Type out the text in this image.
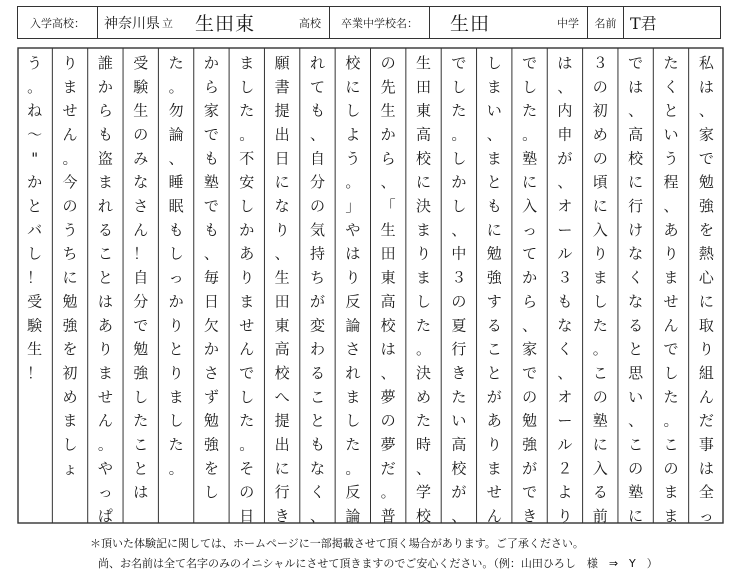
入学高校： 神奈川県 立 生田東	高校 卒業中学校名： 生田	中学 名前 T君
私
は
、
家
で
勉
強
を
熱
心
に
取
り
組
ん
だ
事
は
全
っ
た
く
と
い
う
程
、
あ
り
ま
せ
ん
で
し
た
。
こ
の
ま
ま
で
は
、
高
校
に
行
け
な
く
な
る
と
思
い
、
こ
の
塾
に
３
の
初
め
の
頃
に
入
り
ま
し
た
。
こ
の
塾
に
入
る
前
は
、
内
申
が
、
オ
ー
ル
３
も
な
く
、
オ
ー
ル
２
よ
り
で
し
た
。
塾
に
入
っ
て
か
ら
、
家
で
の
勉
強
が
で
き
し
ま
い
、
ま
と
も
に
勉
強
す
る
こ
と
が
あ
り
ま
せ
ん
で
し
た
。
し
か
し
、
中
３
の
夏
行
き
た
い
高
校
が
、
生
田
東
高
校
に
決
ま
り
ま
し
た
。
決
め
た
時
、
学
校
の
先
生
か
ら
、
「
生
田
東
高
校
は
、
夢
の
夢
だ
。
普
校
に
し
よ
う
。
」
や
は
り
反
論
さ
れ
ま
し
た
。
反
論
れ
て
も
、
自
分
の
気
持
ち
が
変
わ
る
こ
と
も
な
く
、
願
書
提
出
日
に
な
り
、
生
田
東
高
校
へ
提
出
に
行
き
ま
し
た
。
不
安
し
か
あ
り
ま
せ
ん
で
し
た
。
そ
の
日
か
ら
家
で
も
塾
で
も
、
毎
日
欠
か
さ
ず
勉
強
を
し
た
。
勿
論
、
睡
眠
も
し
っ
か
り
と
り
ま
し
た
。
受
験
生
の
み
な
さ
ん
！
自
分
で
勉
強
し
た
こ
と
は
誰
か
ら
も
盗
ま
れ
る
こ
と
は
あ
り
ま
せ
ん
。
や
っ
ぱ
り
ま
せ
ん
。
今
の
う
ち
に
勉
強
を
初
め
ま
し
ょ
う
。
ね
〜
"
か
と
バ
し
！
受
験
生
！
＊頂いた体験記に関しては、ホームページに一部掲載させて頂く場合があります。ご了承ください。
尚、お名前は全て名字のみのイニシャルにさせて頂きますのでご安心ください。（例：山田ひろし　様　⇒　Y　）
